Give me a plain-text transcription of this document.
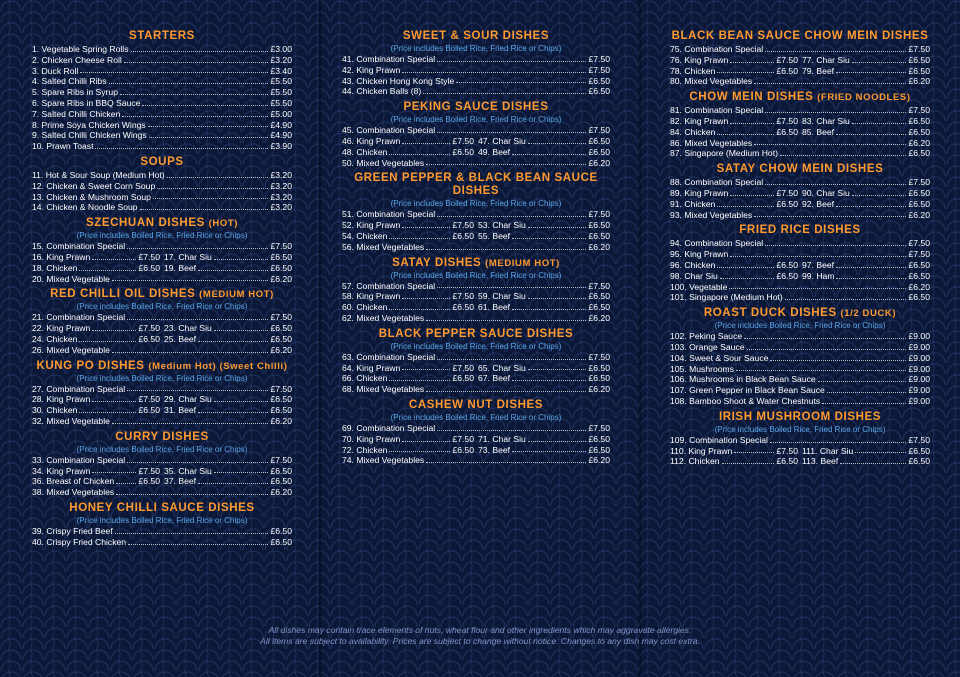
STARTERS
1. Vegetable Spring Rolls	£3.00
2. Chicken Cheese Roll	£3.20
3. Duck Roll	£3.40
4. Salted Chilli Ribs	£5.50
5. Spare Ribs in Syrup	£5.50
6. Spare Ribs in BBQ Sauce	£5.50
7. Salted Chilli Chicken	£5.00
8. Prime Soya Chicken Wings	£4.90
9. Salted Chilli Chicken Wings	£4.90
10. Prawn Toast	£3.90
SOUPS
11. Hot & Sour Soup (Medium Hot)	£3.20
12. Chicken & Sweet Corn Soup	£3.20
13. Chicken & Mushroom Soup	£3.20
14. Chicken & Noodle Soup	£3.20
SZECHUAN DISHES (HOT)
(Price includes Boiled Rice, Fried Rice or Chips)
15. Combination Special	£7.50
16. King Prawn	£7.50 17. Char Siu	£6.50
18. Chicken	£6.50 19. Beef	£6.50
20. Mixed Vegetable	£6.20
RED CHILLI OIL DISHES (MEDIUM HOT)
(Price includes Boiled Rice, Fried Rice or Chips)
21. Combination Special	£7.50
22. King Prawn	£7.50 23. Char Siu	£6.50
24. Chicken	£6.50 25. Beef	£6.50
26. Mixed Vegetable	£6.20
KUNG PO DISHES (Medium Hot) (Sweet Chilli)
(Price includes Boiled Rice, Fried Rice or Chips)
27. Combination Special	£7.50
28. King Prawn	£7.50 29. Char Siu	£6.50
30. Chicken	£6.50 31. Beef	£6.50
32. Mixed Vegetable	£6.20
CURRY DISHES
(Price includes Boiled Rice, Fried Rice or Chips)
33. Combination Special	£7.50
34. King Prawn	£7.50 35. Char Siu	£6.50
36. Breast of Chicken	£6.50 37. Beef	£6.50
38. Mixed Vegetables	£6.20
HONEY CHILLI SAUCE DISHES
(Price includes Boiled Rice, Fried Rice or Chips)
39. Crispy Fried Beef	£6.50
40. Crispy Fried Chicken	£6.50
SWEET & SOUR DISHES
(Price includes Boiled Rice, Fried Rice or Chips)
41. Combination Special	£7.50
42. King Prawn	£7.50
43. Chicken Hong Kong Style	£6.50
44. Chicken Balls (8)	£6.50
PEKING SAUCE DISHES
(Price includes Boiled Rice, Fried Rice or Chips)
45. Combination Special	£7.50
46. King Prawn	£7.50 47. Char Siu	£6.50
48. Chicken	£6.50 49. Beef	£6.50
50. Mixed Vegetables	£6.20
GREEN PEPPER & BLACK BEAN SAUCE DISHES
(Price includes Boiled Rice, Fried Rice or Chips)
51. Combination Special	£7.50
52. King Prawn	£7.50 53. Char Siu	£6.50
54. Chicken	£6.50 55. Beef	£6.50
56. Mixed Vegetables	£6.20
SATAY DISHES (MEDIUM HOT)
(Price includes Boiled Rice, Fried Rice or Chips)
57. Combination Special	£7.50
58. King Prawn	£7.50 59. Char Siu	£6.50
60. Chicken	£6.50 61. Beef	£6.50
62. Mixed Vegetables	£6.20
BLACK PEPPER SAUCE DISHES
(Price includes Boiled Rice, Fried Rice or Chips)
63. Combination Special	£7.50
64. King Prawn	£7.50 65. Char Siu	£6.50
66. Chicken	£6.50 67. Beef	£6.50
68. Mixed Vegetables	£6.20
CASHEW NUT DISHES
(Price includes Boiled Rice, Fried Rice or Chips)
69. Combination Special	£7.50
70. King Prawn	£7.50 71. Char Siu	£6.50
72. Chicken	£6.50 73. Beef	£6.50
74. Mixed Vegetables	£6.20
BLACK BEAN SAUCE CHOW MEIN DISHES
75. Combination Special	£7.50
76. King Prawn	£7.50 77. Char Siu	£6.50
78. Chicken	£6.50 79. Beef	£6.50
80. Mixed Vegetables	£6.20
CHOW MEIN DISHES (FRIED NOODLES)
81. Combination Special	£7.50
82. King Prawn	£7.50 83. Char Siu	£6.50
84. Chicken	£6.50 85. Beef	£6.50
86. Mixed Vegetables	£6.20
87. Singapore (Medium Hot)	£6.50
SATAY CHOW MEIN DISHES
88. Combination Special	£7.50
89. King Prawn	£7.50 90. Char Siu	£6.50
91. Chicken	£6.50 92. Beef	£6.50
93. Mixed Vegetables	£6.20
FRIED RICE DISHES
94. Combination Special	£7.50
95. King Prawn	£7.50
96. Chicken	£6.50 97. Beef	£6.50
98. Char Siu	£6.50 99. Ham	£6.50
100. Vegetable	£6.20
101. Singapore (Medium Hot)	£6.50
ROAST DUCK DISHES (1/2 DUCK)
(Price includes Boiled Rice, Fried Rice or Chips)
102. Peking Sauce	£9.00
103. Orange Sauce	£9.00
104. Sweet & Sour Sauce	£9.00
105. Mushrooms	£9.00
106. Mushrooms in Black Bean Sauce	£9.00
107. Green Pepper in Black Bean Sauce	£9.00
108. Bamboo Shoot & Water Chestnuts	£9.00
IRISH MUSHROOM DISHES
(Price includes Boiled Rice, Fried Rice or Chips)
109. Combination Special	£7.50
110. King Prawn	£7.50 111. Char Siu	£6.50
112. Chicken	£6.50 113. Beef	£6.50
All dishes may contain trace elements of nuts, wheat flour and other ingredients which may aggravate allergies.
All items are subject to availability. Prices are subject to change without notice. Changes to any dish may cost extra.
